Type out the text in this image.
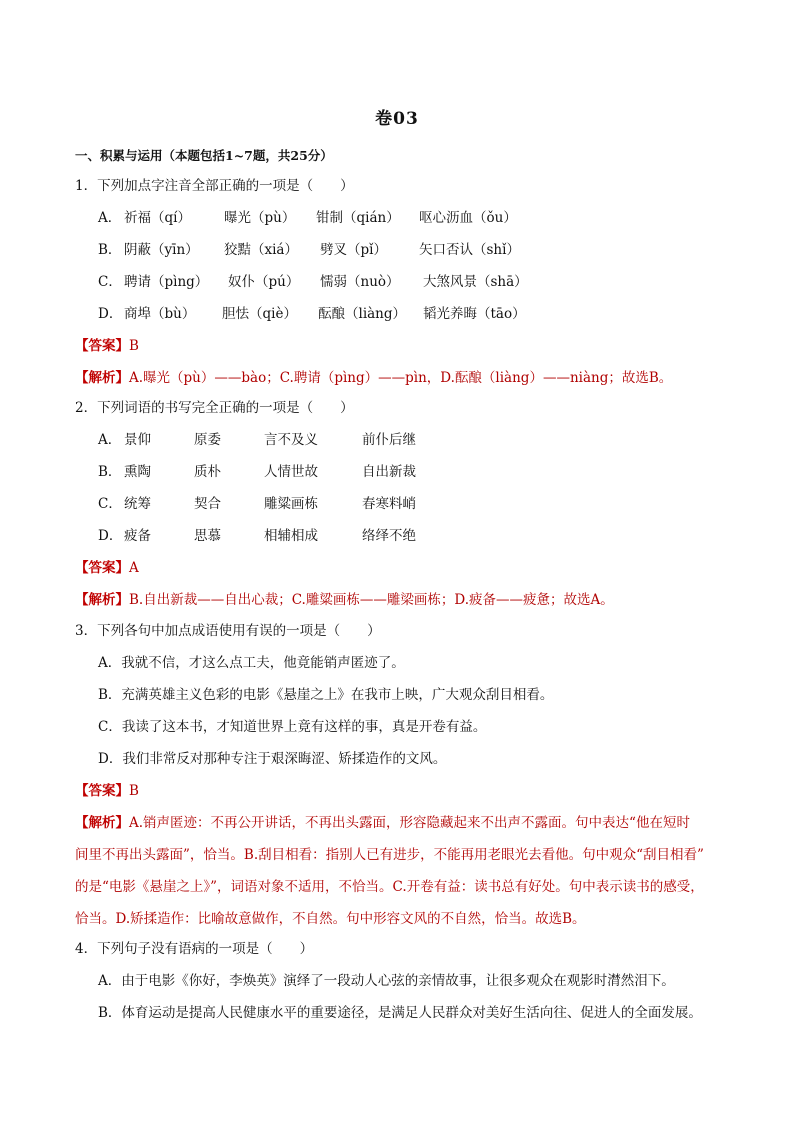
卷03
一、积累与运用（本题包括1~7题，共25分）
1．下列加点字注音全部正确的一项是（　　）
A． 祈福（qí） 曝光（pù） 钳制（qián） 呕心沥血（ǒu）
B． 阴蔽（yīn） 狡黠（xiá） 劈叉（pǐ） 矢口否认（shǐ）
C． 聘请（pìng） 奴仆（pú） 懦弱（nuò） 大煞风景（shā）
D． 商埠（bù） 胆怯（qiè） 酝酿（liàng） 韬光养晦（tāo）
【答案】B
【解析】A.曝光（pù）——bào；C.聘请（pìng）——pìn，D.酝酿（liàng）——niàng；故选B。
2．下列词语的书写完全正确的一项是（　　）
A． 景仰	原委	言不及义	前仆后继
B． 熏陶	质朴	人情世故	自出新裁
C． 统筹	契合	雕粱画栋	春寒料峭
D． 疲备	思慕	相辅相成	络绎不绝
【答案】A
【解析】B.自出新裁——自出心裁；C.雕粱画栋——雕梁画栋；D.疲备——疲惫；故选A。
3．下列各句中加点成语使用有误的一项是（　　）
A．我就不信，才这么点工夫，他竟能销声匿迹了。
B．充满英雄主义色彩的电影《悬崖之上》在我市上映，广大观众刮目相看。
C．我读了这本书，才知道世界上竟有这样的事，真是开卷有益。
D．我们非常反对那种专注于艰深晦涩、矫揉造作的文风。
【答案】B
【解析】A.销声匿迹：不再公开讲话，不再出头露面，形容隐藏起来不出声不露面。句中表达“他在短时
间里不再出头露面”，恰当。B.刮目相看：指别人已有进步，不能再用老眼光去看他。句中观众“刮目相看”
的是“电影《悬崖之上》”，词语对象不适用，不恰当。C.开卷有益：读书总有好处。句中表示读书的感受，
恰当。D.矫揉造作：比喻故意做作，不自然。句中形容文风的不自然，恰当。故选B。
4．下列句子没有语病的一项是（　　）
A．由于电影《你好，李焕英》演绎了一段动人心弦的亲情故事，让很多观众在观影时潸然泪下。
B．体育运动是提高人民健康水平的重要途径，是满足人民群众对美好生活向往、促进人的全面发展。
